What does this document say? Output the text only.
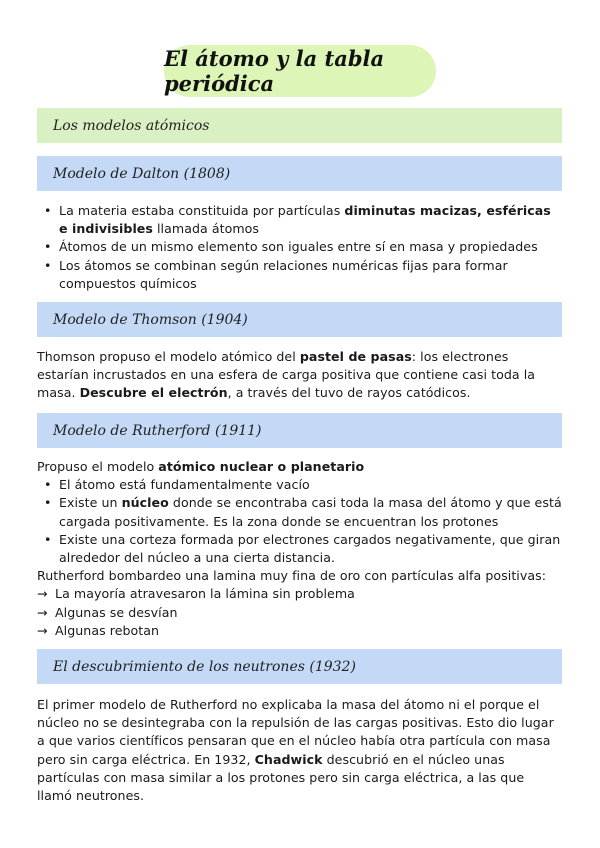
El átomo y la tabla periódica
Los modelos atómicos
Modelo de Dalton (1808)
• La materia estaba constituida por partículas diminutas macizas, esféricas e indivisibles llamada átomos
• Átomos de un mismo elemento son iguales entre sí en masa y propiedades
• Los átomos se combinan según relaciones numéricas fijas para formar compuestos químicos
Modelo de Thomson (1904)

Thomson propuso el modelo atómico del pastel de pasas: los electrones estarían incrustados en una esfera de carga positiva que contiene casi toda la masa. Descubre el electrón, a través del tuvo de rayos catódicos.

Modelo de Rutherford (1911)

Propuso el modelo atómico nuclear o planetario

• El átomo está fundamentalmente vacío
• Existe un núcleo donde se encontraba casi toda la masa del átomo y que está cargada positivamente. Es la zona donde se encuentran los protones
• Existe una corteza formada por electrones cargados negativamente, que giran alrededor del núcleo a una cierta distancia.

Rutherford bombardeo una lamina muy fina de oro con partículas alfa positivas:

→ La mayoría atravesaron la lámina sin problema
→ Algunas se desvían
→ Algunas rebotan
El descubrimiento de los neutrones (1932)

El primer modelo de Rutherford no explicaba la masa del átomo ni el porque el núcleo no se desintegraba con la repulsión de las cargas positivas. Esto dio lugar a que varios científicos pensaran que en el núcleo había otra partícula con masa pero sin carga eléctrica. En 1932, Chadwick descubrió en el núcleo unas partículas con masa similar a los protones pero sin carga eléctrica, a las que llamó neutrones.
